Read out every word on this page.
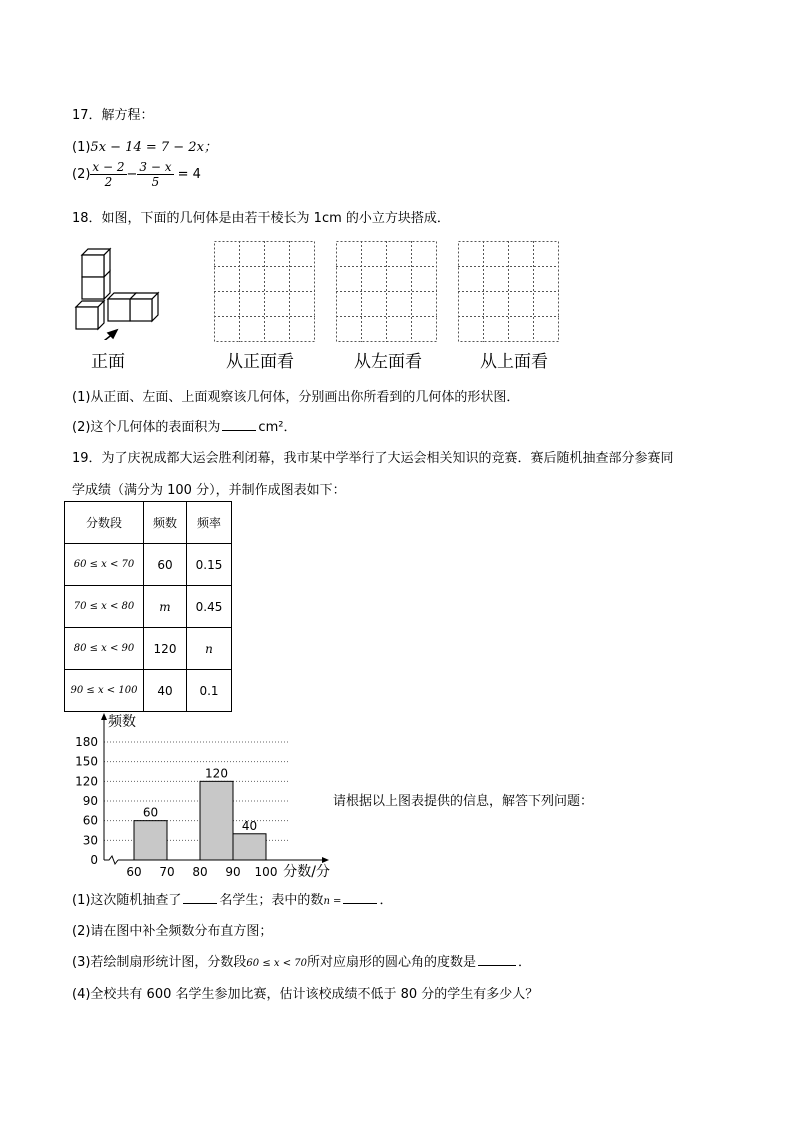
17．解方程：
(1)5x − 14 = 7 − 2x；
$(2) \frac{x - 2}{2} - \frac{3 - x}{5} = 4$
18．如图，下面的几何体是由若干棱长为 1cm 的小立方块搭成．
正面	从正面看	从左面看	从上面看
(1)从正面、左面、上面观察该几何体，分别画出你所看到的几何体的形状图．
(2)这个几何体的表面积为	cm²．
19．为了庆祝成都大运会胜利闭幕，我市某中学举行了大运会相关知识的竞赛．赛后随机抽查部分参赛同
学成绩（满分为 100 分），并制作成图表如下：
分数段	频数	频率
60 ≤ x < 70	60	0.15
70 ≤ x < 80	m	0.45
80 ≤ x < 90	120	n
90 ≤ x < 100	40	0.1
0
30
60
90
120
150
180
60
120
40
60 70 80 90 100
频数
分数/分
请根据以上图表提供的信息，解答下列问题：
(1)这次随机抽查了	名学生；表中的数n =	．
(2)请在图中补全频数分布直方图；
(3)若绘制扇形统计图，分数段60 ≤ x < 70所对应扇形的圆心角的度数是	．
(4)全校共有 600 名学生参加比赛，估计该校成绩不低于 80 分的学生有多少人？
